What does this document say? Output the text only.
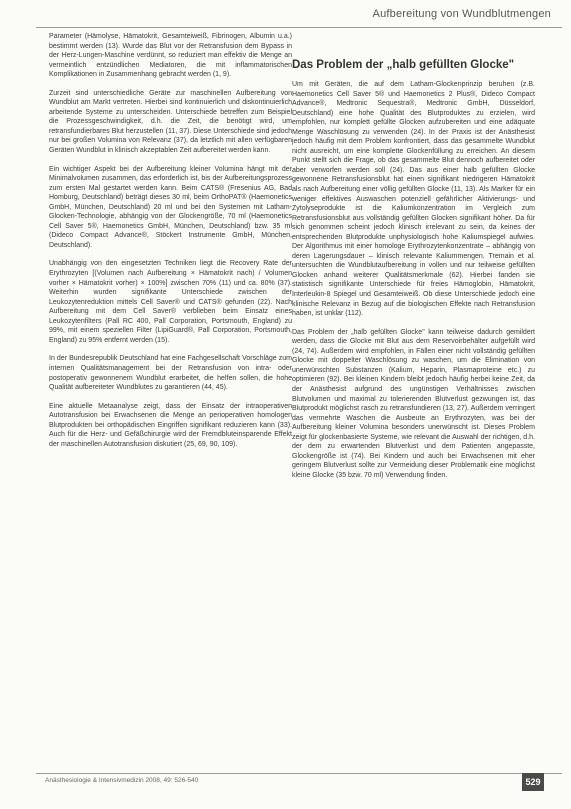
Aufbereitung von Wundblutmengen

Parameter (Hämolyse, Hämatokrit, Gesamteiweiß, Fibrinogen, Albumin u.a.) bestimmt werden (13). Wurde das Blut vor der Retransfusion dem Bypass in der Herz-Lungen-Maschine verdünnt, so reduziert man effektiv die Menge an vermeintlich entzündlichen Mediatoren, die mit inflammatorischen Komplikationen in Zusammenhang gebracht werden (1, 9).

Zurzeit sind unterschiedliche Geräte zur maschinellen Aufbereitung von Wundblut am Markt vertreten. Hierbei sind kontinuierlich und diskontinuierlich arbeitende Systeme zu unterscheiden. Unterschiede betreffen zum Beispiel die Prozessgeschwindigkeit, d.h. die Zeit, die benötigt wird, um retransfundierbares Blut herzustellen (11, 37). Diese Unterschiede sind jedoch nur bei großen Volumina von Relevanz (37), da letztlich mit allen verfügbaren Geräten Wundblut in klinisch akzeptablen Zeit aufbereitet werden kann.

Ein wichtiger Aspekt bei der Aufbereitung kleiner Volumina hängt mit der Minimalvolumen zusammen, das erforderlich ist, bis der Aufbereitungsprozess zum ersten Mal gestartet werden kann. Beim CATS® (Fresenius AG, Bad Homburg, Deutschland) beträgt dieses 30 ml, beim OrthoPAT® (Haemonetics GmbH, München, Deutschland) 20 ml und bei den Systemen mit Latham-Glocken-Technologie, abhängig von der Glockengröße, 70 ml (Haemonetics Cell Saver 5®, Haemonetics GmbH, München, Deutschland) bzw. 35 ml (Dideco Compact Advance®, Stöckert Instrumente GmbH, München, Deutschland).

Unabhängig von den eingesetzten Techniken liegt die Recovery Rate der Erythrozyten [(Volumen nach Aufbereitung × Hämatokrit nach) / Volumen vorher × Hämatokrit vorher) × 100%] zwischen 70% (11) und ca. 80% (37). Weiterhin wurden signifikante Unterschiede zwischen der Leukozytenreduktion mittels Cell Saver® und CATS® gefunden (22). Nach Aufbereitung mit dem Cell Saver® verblieben beim Einsatz eines Leukozytenfilters (Pall RC 400, Pall Corporation, Portsmouth, England) zu 99%, mit einem speziellen Filter (LipiGuard®, Pall Corporation, Portsmouth, England) zu 95% entfernt werden (15).

In der Bundesrepublik Deutschland hat eine Fachgesellschaft Vorschläge zum internen Qualitätsmanagement bei der Retransfusion von intra- oder postoperativ gewonnenem Wundblut erarbeitet, die helfen sollen, die hohe Qualität aufbereiteter Wundblutes zu garantieren (44, 45).

Eine aktuelle Metaanalyse zeigt, dass der Einsatz der intraoperativen Autotransfusion bei Erwachsenen die Menge an perioperativen homologen Blutprodukten bei orthopädischen Eingriffen signifikant reduzieren kann (33). Auch für die Herz- und Gefäßchirurgie wird der Fremdbluteinsparende Effekt der maschinellen Autotransfusion diskutiert (25, 69, 90, 109).

Das Problem der „halb gefüllten Glocke"

Um mit Geräten, die auf dem Latham-Glockenprinzip beruhen (z.B. Haemonetics Cell Saver 5® und Haemonetics 2 Plus®, Dideco Compact Advance®, Medtronic Sequestra®, Medtronic GmbH, Düsseldorf, Deutschland) eine hohe Qualität des Blutproduktes zu erzielen, wird empfohlen, nur komplett gefüllte Glocken aufzubereiten und eine adäquate Menge Waschlösung zu verwenden (24). In der Praxis ist der Anästhesist jedoch häufig mit dem Problem konfrontiert, dass das gesammelte Wundblut nicht ausreicht, um eine komplette Glockenfüllung zu erreichen. An diesem Punkt stellt sich die Frage, ob das gesammelte Blut dennoch aufbereitet oder aber verworfen werden soll (24). Das aus einer halb gefüllten Glocke gewonnene Retransfusionsblut hat einen signifikant niedrigeren Hämatokrit als nach Aufbereitung einer völlig gefüllten Glocke (11, 13). Als Marker für ein weniger effektives Auswaschen potenziell gefährlicher Aktivierungs- und Zytolyseprodukte ist die Kaliumkonzentration im Vergleich zum Retransfusionsblut aus vollständig gefüllten Glocken signifikant höher. Da für sich genommen scheint jedoch klinisch irrelevant zu sein, da keines der entsprechenden Blutprodukte unphysiologisch hohe Kaliumspiegel aufwies. Der Algorithmus mit einer homologe Erythrozytenkonzentrate – abhängig von deren Lagerungsdauer – klinisch relevante Kaliummengen. Tremain et al. untersuchten die Wundblutaufbereitung in vollen und nur teilweise gefüllten Glocken anhand weiterer Qualitätsmerkmale (62). Hierbei fanden sie statistisch signifikante Unterschiede für freies Hämoglobin, Hämatokrit, Interleukin-8 Spiegel und Gesamteiweiß. Ob diese Unterschiede jedoch eine klinische Relevanz in Bezug auf die biologischen Effekte nach Retransfusion haben, ist unklar (112).

Das Problem der „halb gefüllten Glocke" kann teilweise dadurch gemildert werden, dass die Glocke mit Blut aus dem Reservoirbehälter aufgefüllt wird (24, 74). Außerdem wird empfohlen, in Fällen einer nicht vollständig gefüllten Glocke mit doppelter Waschlösung zu waschen, um die Elimination von unerwünschten Substanzen (Kalium, Heparin, Plasmaproteine etc.) zu optimieren (92). Bei kleinen Kindern bleibt jedoch häufig herbei keine Zeit, da der Anästhesist aufgrund des ungünstigen Verhältnisses zwischen Blutvolumen und maximal zu tolerierenden Blutverlust gezwungen ist, das Blutprodukt möglichst rasch zu retransfundieren (13, 27). Außerdem verringert das vermehrte Waschen die Ausbeute an Erythrozyten, was bei der Aufbereitung kleiner Volumina besonders unerwünscht ist. Dieses Problem zeigt für glockenbasierte Systeme, wie relevant die Auswahl der richtigen, d.h. der dem zu erwartenden Blutverlust und dem Patienten angepasste, Glockengröße ist (74). Bei Kindern und auch bei Erwachsenen mit eher geringem Blutverlust sollte zur Vermeidung dieser Problematik eine möglichst kleine Glocke (35 bzw. 70 ml) Verwendung finden.

Anästhesiologie & Intensivmedizin 2008, 49: 526-540	529
